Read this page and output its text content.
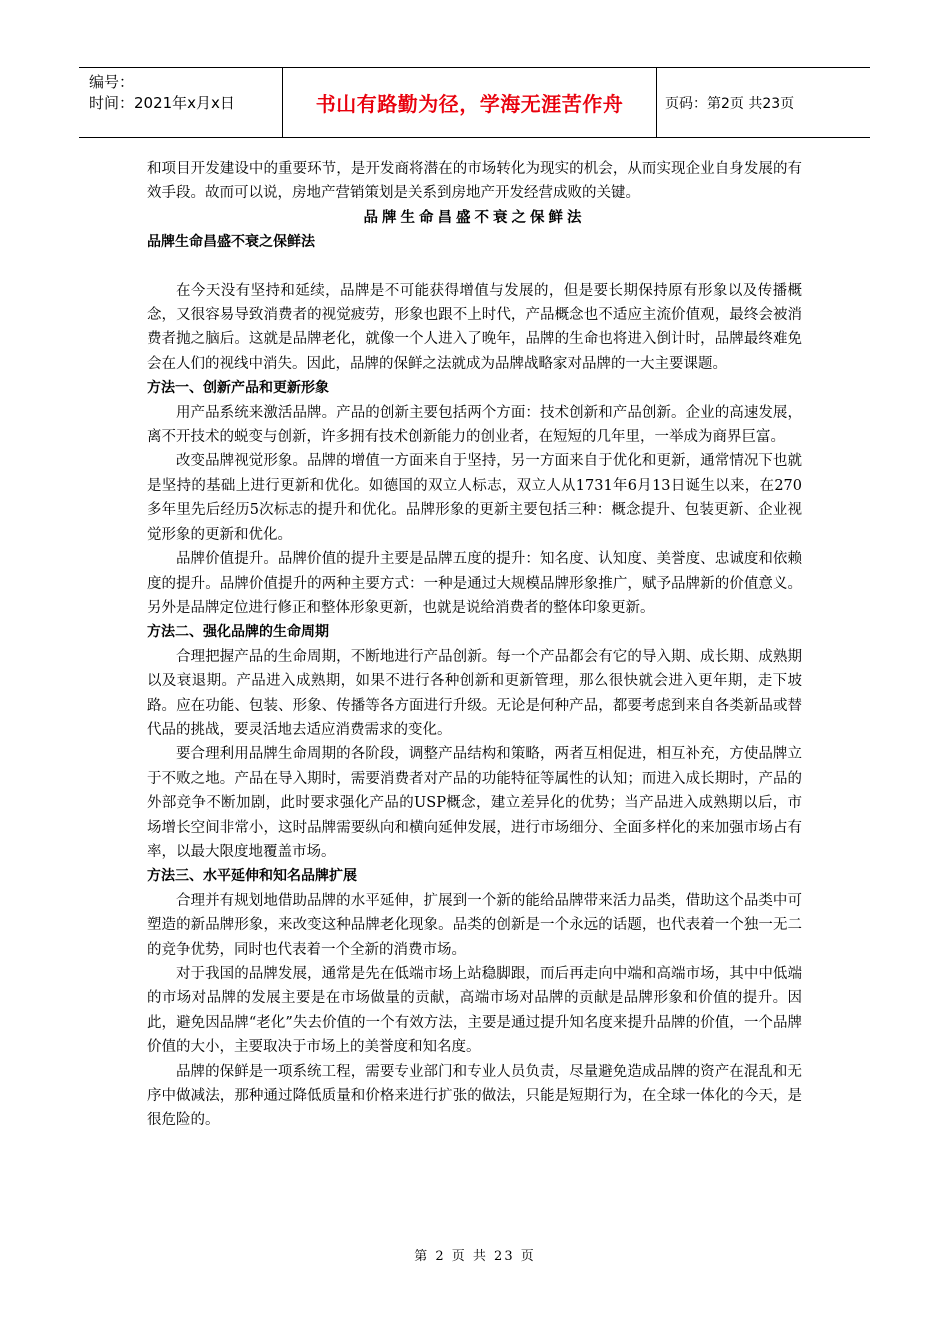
编号：
时间：2021年x月x日	书山有路勤为径，学海无涯苦作舟	页码：第2页 共23页
和项目开发建设中的重要环节，是开发商将潜在的市场转化为现实的机会，从而实现企业自身发展的有效手段。故而可以说，房地产营销策划是关系到房地产开发经营成败的关键。
品牌生命昌盛不衰之保鲜法
品牌生命昌盛不衰之保鲜法
在今天没有坚持和延续，品牌是不可能获得增值与发展的，但是要长期保持原有形象以及传播概念，又很容易导致消费者的视觉疲劳，形象也跟不上时代，产品概念也不适应主流价值观，最终会被消费者抛之脑后。这就是品牌老化，就像一个人进入了晚年，品牌的生命也将进入倒计时，品牌最终难免会在人们的视线中消失。因此，品牌的保鲜之法就成为品牌战略家对品牌的一大主要课题。
方法一、创新产品和更新形象
用产品系统来激活品牌。产品的创新主要包括两个方面：技术创新和产品创新。企业的高速发展，离不开技术的蜕变与创新，许多拥有技术创新能力的创业者，在短短的几年里，一举成为商界巨富。
改变品牌视觉形象。品牌的增值一方面来自于坚持，另一方面来自于优化和更新，通常情况下也就是坚持的基础上进行更新和优化。如德国的双立人标志，双立人从1731年6月13日诞生以来，在270多年里先后经历5次标志的提升和优化。品牌形象的更新主要包括三种：概念提升、包装更新、企业视觉形象的更新和优化。
品牌价值提升。品牌价值的提升主要是品牌五度的提升：知名度、认知度、美誉度、忠诚度和依赖度的提升。品牌价值提升的两种主要方式：一种是通过大规模品牌形象推广，赋予品牌新的价值意义。另外是品牌定位进行修正和整体形象更新，也就是说给消费者的整体印象更新。
方法二、强化品牌的生命周期
合理把握产品的生命周期，不断地进行产品创新。每一个产品都会有它的导入期、成长期、成熟期以及衰退期。产品进入成熟期，如果不进行各种创新和更新管理，那么很快就会进入更年期，走下坡路。应在功能、包装、形象、传播等各方面进行升级。无论是何种产品，都要考虑到来自各类新品或替代品的挑战，要灵活地去适应消费需求的变化。
要合理利用品牌生命周期的各阶段，调整产品结构和策略，两者互相促进，相互补充，方使品牌立于不败之地。产品在导入期时，需要消费者对产品的功能特征等属性的认知；而进入成长期时，产品的外部竞争不断加剧，此时要求强化产品的USP概念，建立差异化的优势；当产品进入成熟期以后，市场增长空间非常小，这时品牌需要纵向和横向延伸发展，进行市场细分、全面多样化的来加强市场占有率，以最大限度地覆盖市场。
方法三、水平延伸和知名品牌扩展
合理并有规划地借助品牌的水平延伸，扩展到一个新的能给品牌带来活力品类，借助这个品类中可塑造的新品牌形象，来改变这种品牌老化现象。品类的创新是一个永远的话题，也代表着一个独一无二的竞争优势，同时也代表着一个全新的消费市场。
对于我国的品牌发展，通常是先在低端市场上站稳脚跟，而后再走向中端和高端市场，其中中低端的市场对品牌的发展主要是在市场做量的贡献，高端市场对品牌的贡献是品牌形象和价值的提升。因此，避免因品牌“老化”失去价值的一个有效方法，主要是通过提升知名度来提升品牌的价值，一个品牌价值的大小，主要取决于市场上的美誉度和知名度。
品牌的保鲜是一项系统工程，需要专业部门和专业人员负责，尽量避免造成品牌的资产在混乱和无序中做减法，那种通过降低质量和价格来进行扩张的做法，只能是短期行为，在全球一体化的今天，是很危险的。
第 2 页 共 23 页
